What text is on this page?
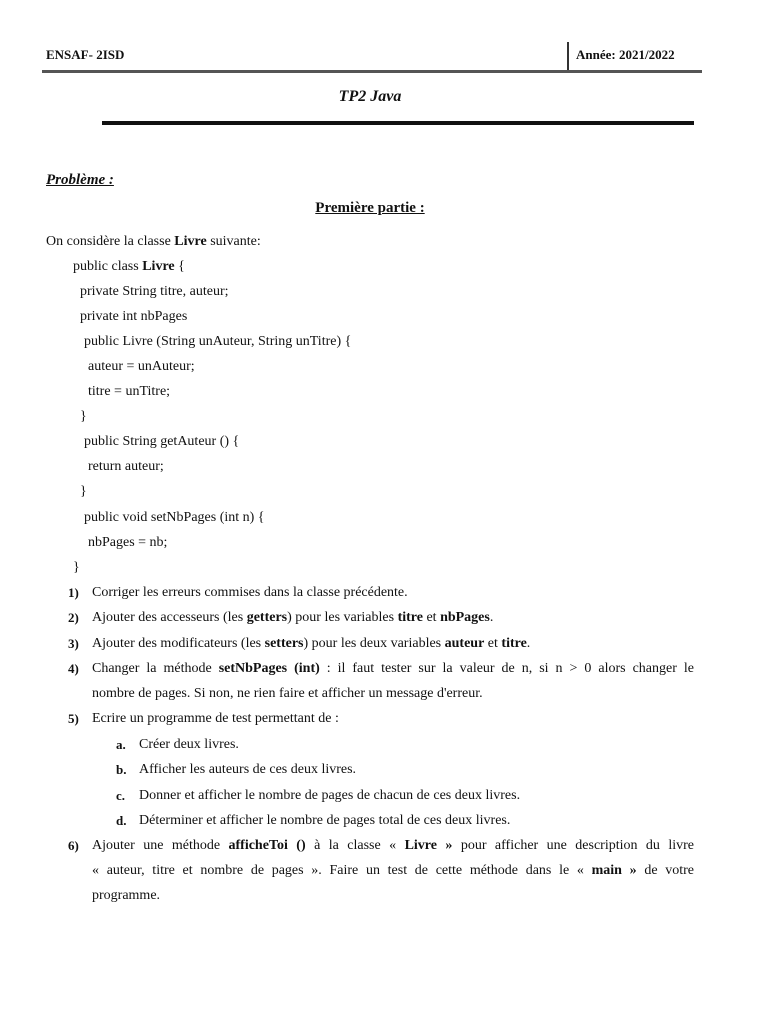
ENSAF- 2ISD	Année: 2021/2022
TP2 Java
Problème :
Première partie :
On considère la classe Livre suivante:
public class Livre {
private String titre, auteur;
private int nbPages
public Livre (String unAuteur, String unTitre) {
auteur = unAuteur;
titre = unTitre;
}
public String getAuteur () {
return auteur;
}
public void setNbPages (int n) {
nbPages = nb;
}
1) Corriger les erreurs commises dans la classe précédente.
2) Ajouter des accesseurs (les getters) pour les variables titre et nbPages.
3) Ajouter des modificateurs (les setters) pour les deux variables auteur et titre.
4) Changer la méthode setNbPages (int) : il faut tester sur la valeur de n, si n > 0 alors changer le
nombre de pages. Si non, ne rien faire et afficher un message d'erreur.
5) Ecrire un programme de test permettant de :
a. Créer deux livres.
b. Afficher les auteurs de ces deux livres.
c. Donner et afficher le nombre de pages de chacun de ces deux livres.
d. Déterminer et afficher le nombre de pages total de ces deux livres.
6) Ajouter une méthode afficheToi () à la classe « Livre » pour afficher une description du livre
« auteur, titre et nombre de pages ». Faire un test de cette méthode dans le « main » de votre
programme.
